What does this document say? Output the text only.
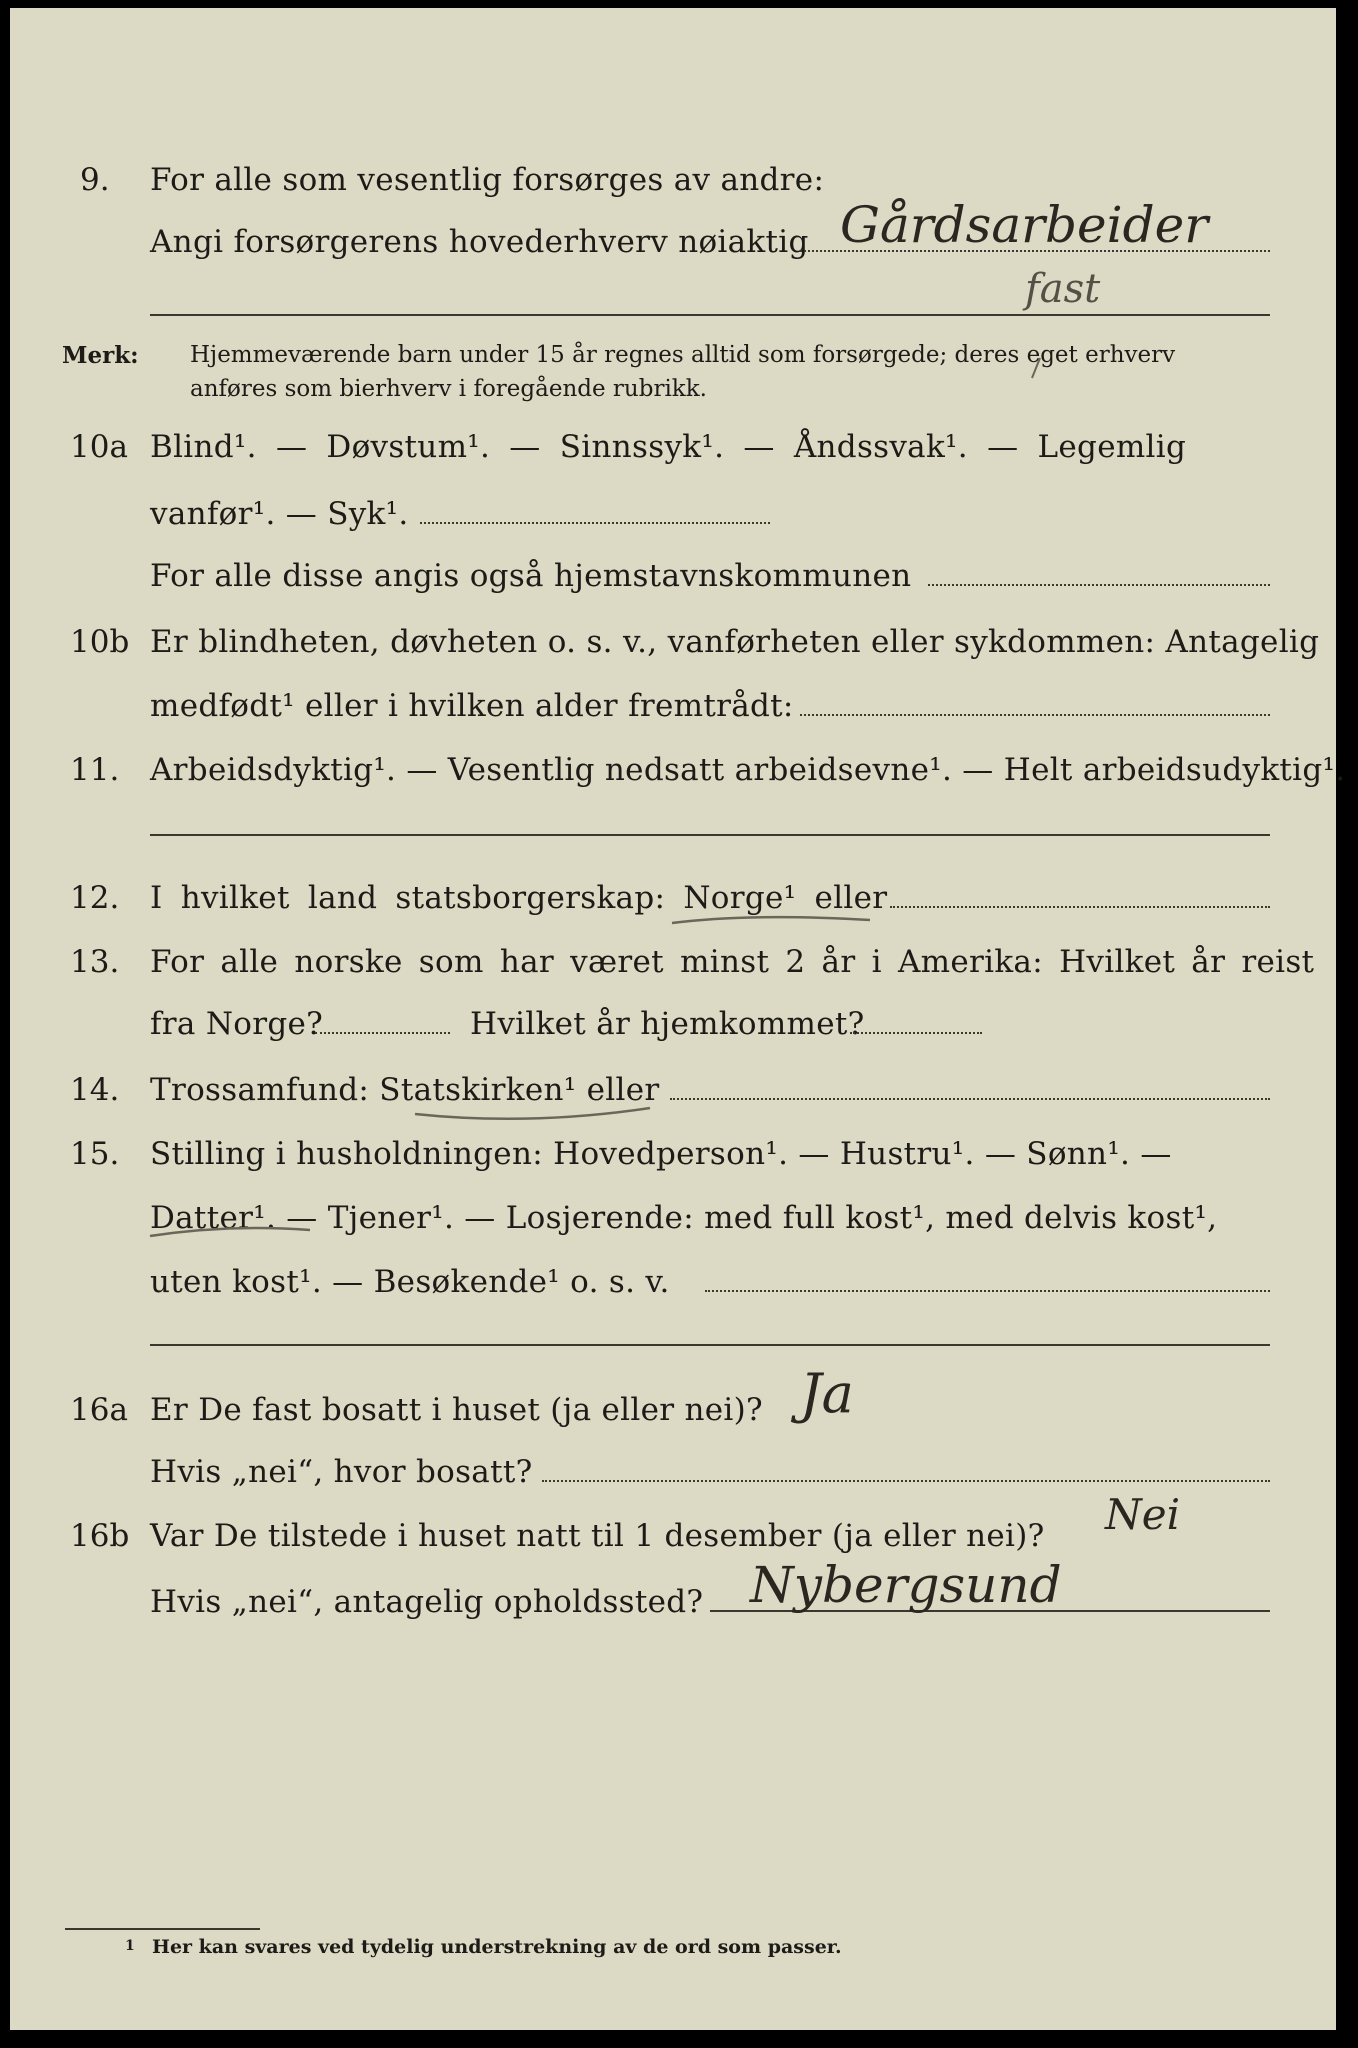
9. For alle som vesentlig forsørges av andre:
Angi forsørgerens hovederhverv nøiaktig Gårdsarbeider
fast
Merk: Hjemmeværende barn under 15 år regnes alltid som forsørgede; deres eget erhverv
anføres som bierhverv i foregående rubrikk.
10a Blind¹. — Døvstum¹. — Sinnssyk¹. — Åndssvak¹. — Legemlig
vanfør¹. — Syk¹.
For alle disse angis også hjemstavnskommunen
10b Er blindheten, døvheten o. s. v., vanførheten eller sykdommen: Antagelig
medfødt¹ eller i hvilken alder fremtrådt:
11. Arbeidsdyktig¹. — Vesentlig nedsatt arbeidsevne¹. — Helt arbeidsudyktig¹.
12. I hvilket land statsborgerskap: Norge¹ eller
13. For alle norske som har været minst 2 år i Amerika: Hvilket år reist
fra Norge?	Hvilket år hjemkommet?
14. Trossamfund: Statskirken¹ eller
15. Stilling i husholdningen: Hovedperson¹. — Hustru¹. — Sønn¹. —
Datter¹. — Tjener¹. — Losjerende: med full kost¹, med delvis kost¹,
uten kost¹. — Besøkende¹ o. s. v.
16a Er De fast bosatt i huset (ja eller nei)? Ja
Hvis „nei“, hvor bosatt?
16b Var De tilstede i huset natt til 1 desember (ja eller nei)? Nei
Hvis „nei“, antagelig opholdssted? Nybergsund
1 Her kan svares ved tydelig understrekning av de ord som passer.
